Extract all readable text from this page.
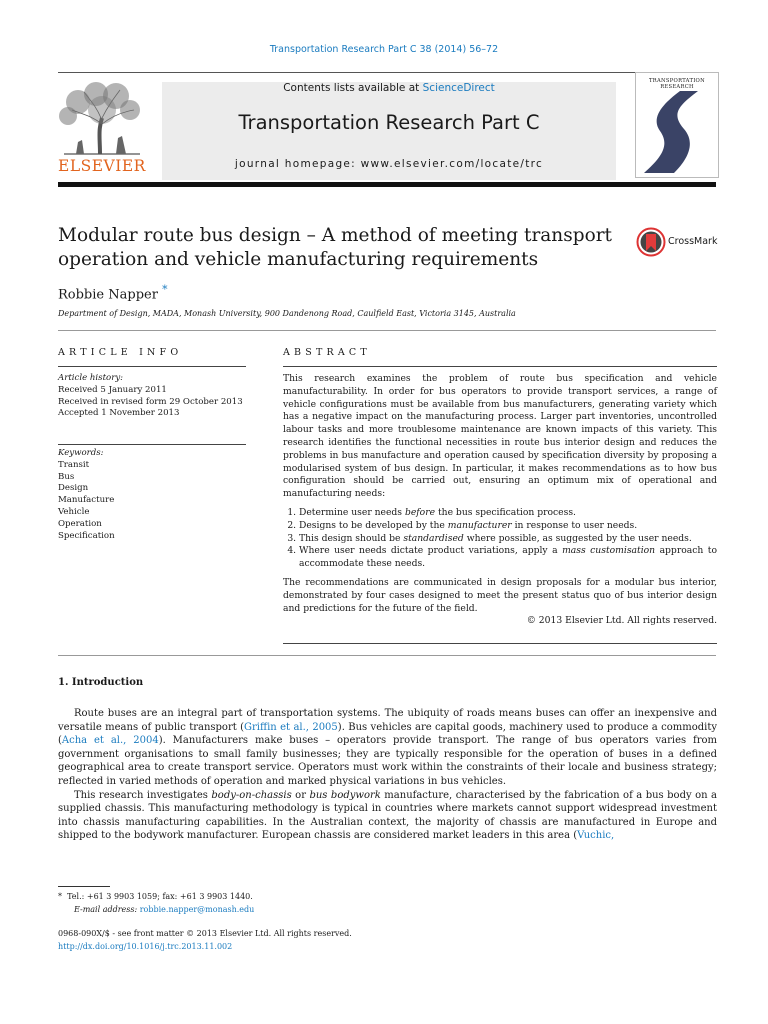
Transportation Research Part C 38 (2014) 56–72
ELSEVIER
Contents lists available at ScienceDirect
Transportation Research Part C
journal homepage: www.elsevier.com/locate/trc
TRANSPORTATION
RESEARCH
Modular route bus design – A method of meeting transport
operation and vehicle manufacturing requirements
CrossMark
Robbie Napper *
Department of Design, MADA, Monash University, 900 Dandenong Road, Caulfield East, Victoria 3145, Australia
ARTICLE INFO	ABSTRACT
Article history:
Received 5 January 2011
Received in revised form 29 October 2013
Accepted 1 November 2013
Keywords:
Transit
Bus
Design
Manufacture
Vehicle
Operation
Specification

This research examines the problem of route bus specification and vehicle manufacturability. In order for bus operators to provide transport services, a range of vehicle configurations must be available from bus manufacturers, generating variety which has a negative impact on the manufacturing process. Larger part inventories, uncontrolled labour tasks and more troublesome maintenance are known impacts of this variety. This research identifies the functional necessities in route bus interior design and reduces the problems in bus manufacture and operation caused by specification diversity by proposing a modularised system of bus design. In particular, it makes recommendations as to how bus configuration should be carried out, ensuring an optimum mix of operational and manufacturing needs:

1. Determine user needs before the bus specification process.
2. Designs to be developed by the manufacturer in response to user needs.
3. This design should be standardised where possible, as suggested by the user needs.
4. Where user needs dictate product variations, apply a mass customisation approach to accommodate these needs.

The recommendations are communicated in design proposals for a modular bus interior, demonstrated by four cases designed to meet the present status quo of bus interior design and predictions for the future of the field.

© 2013 Elsevier Ltd. All rights reserved.

1. Introduction

Route buses are an integral part of transportation systems. The ubiquity of roads means buses can offer an inexpensive and versatile means of public transport (Griffin et al., 2005). Bus vehicles are capital goods, machinery used to produce a commodity (Acha et al., 2004). Manufacturers make buses – operators provide transport. The range of bus operators varies from government organisations to small family businesses; they are typically responsible for the operation of buses in a defined geographical area to create transport service. Operators must work within the constraints of their locale and business strategy; reflected in varied methods of operation and marked physical variations in bus vehicles.

This research investigates body-on-chassis or bus bodywork manufacture, characterised by the fabrication of a bus body on a supplied chassis. This manufacturing methodology is typical in countries where markets cannot support widespread investment into chassis manufacturing capabilities. In the Australian context, the majority of chassis are manufactured in Europe and shipped to the bodywork manufacturer. European chassis are considered market leaders in this area (Vuchic,

* Tel.: +61 3 9903 1059; fax: +61 3 9903 1440.
E-mail address: robbie.napper@monash.edu
0968-090X/$ - see front matter © 2013 Elsevier Ltd. All rights reserved.
http://dx.doi.org/10.1016/j.trc.2013.11.002
